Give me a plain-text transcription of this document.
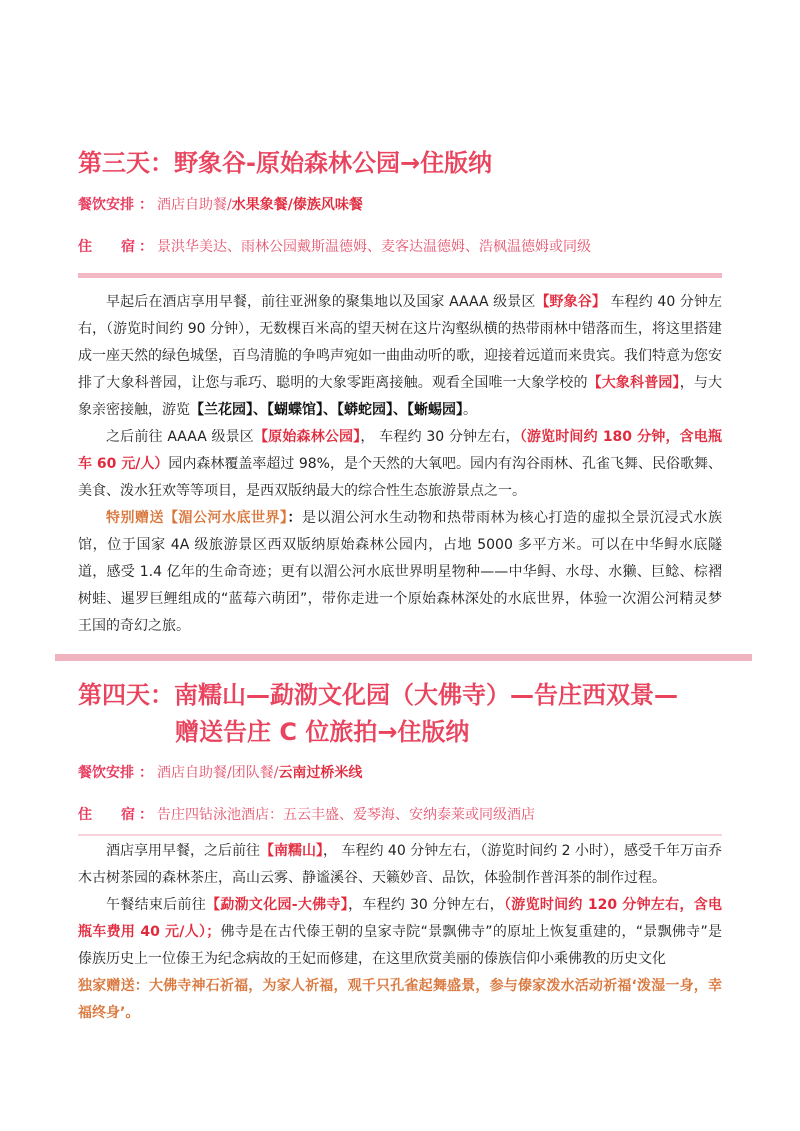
第三天：野象谷-原始森林公园→住版纳
餐饮安排 ： 酒店自助餐/ 水果象餐/傣族风味餐
住 宿 ： 景洪华美达、雨林公园戴斯温德姆、麦客达温德姆、浩枫温德姆或同级

早起后在酒店享用早餐，前往亚洲象的聚集地以及国家 AAAA 级景区【野象谷】 车程约 40 分钟左右，（游览时间约 90 分钟），无数棵百米高的望天树在这片沟壑纵横的热带雨林中错落而生，将这里搭建成一座天然的绿色城堡，百鸟清脆的争鸣声宛如一曲曲动听的歌，迎接着远道而来贵宾。我们特意为您安排了大象科普园，让您与乖巧、聪明的大象零距离接触。观看全国唯一大象学校的【大象科普园】，与大象亲密接触，游览【兰花园】、【蝴蝶馆】、【蟒蛇园】、【蜥蜴园】。

之后前往 AAAA 级景区【原始森林公园】， 车程约 30 分钟左右，（游览时间约 180 分钟，含电瓶车 60 元/人）园内森林覆盖率超过 98%，是个天然的大氧吧。园内有沟谷雨林、孔雀飞舞、民俗歌舞、美食、泼水狂欢等等项目，是西双版纳最大的综合性生态旅游景点之一。

特别赠送【湄公河水底世界】：是以湄公河水生动物和热带雨林为核心打造的虚拟全景沉浸式水族馆，位于国家 4A 级旅游景区西双版纳原始森林公园内，占地 5000 多平方米。可以在中华鲟水底隧道，感受 1.4 亿年的生命奇迹；更有以湄公河水底世界明星物种——中华鲟、水母、水獭、巨鲶、棕褶树蛙、暹罗巨鲤组成的“蓝莓六萌团”，带你走进一个原始森林深处的水底世界，体验一次湄公河精灵梦王国的奇幻之旅。

第四天：南糯山—勐泐文化园（大佛寺）—告庄西双景—
赠送告庄 C 位旅拍→住版纳
餐饮安排 ： 酒店自助餐/团队餐/ 云南过桥米线
住 宿 ： 告庄四钻泳池酒店：五云丰盛、爱琴海、安纳泰莱或同级酒店

酒店享用早餐，之后前往【南糯山】， 车程约 40 分钟左右，（游览时间约 2 小时），感受千年万亩乔木古树茶园的森林茶庄，高山云雾、静谧溪谷、天籁妙音、品饮，体验制作普洱茶的制作过程。

午餐结束后前往【勐泐文化园-大佛寺】，车程约 30 分钟左右，（游览时间约 120 分钟左右，含电瓶车费用 40 元/人）；佛寺是在古代傣王朝的皇家寺院“景飘佛寺”的原址上恢复重建的，“景飘佛寺”是傣族历史上一位傣王为纪念病故的王妃而修建，在这里欣赏美丽的傣族信仰小乘佛教的历史文化

独家赠送：大佛寺神石祈福，为家人祈福，观千只孔雀起舞盛景，参与傣家泼水活动祈福‘泼湿一身，幸福终身’。
